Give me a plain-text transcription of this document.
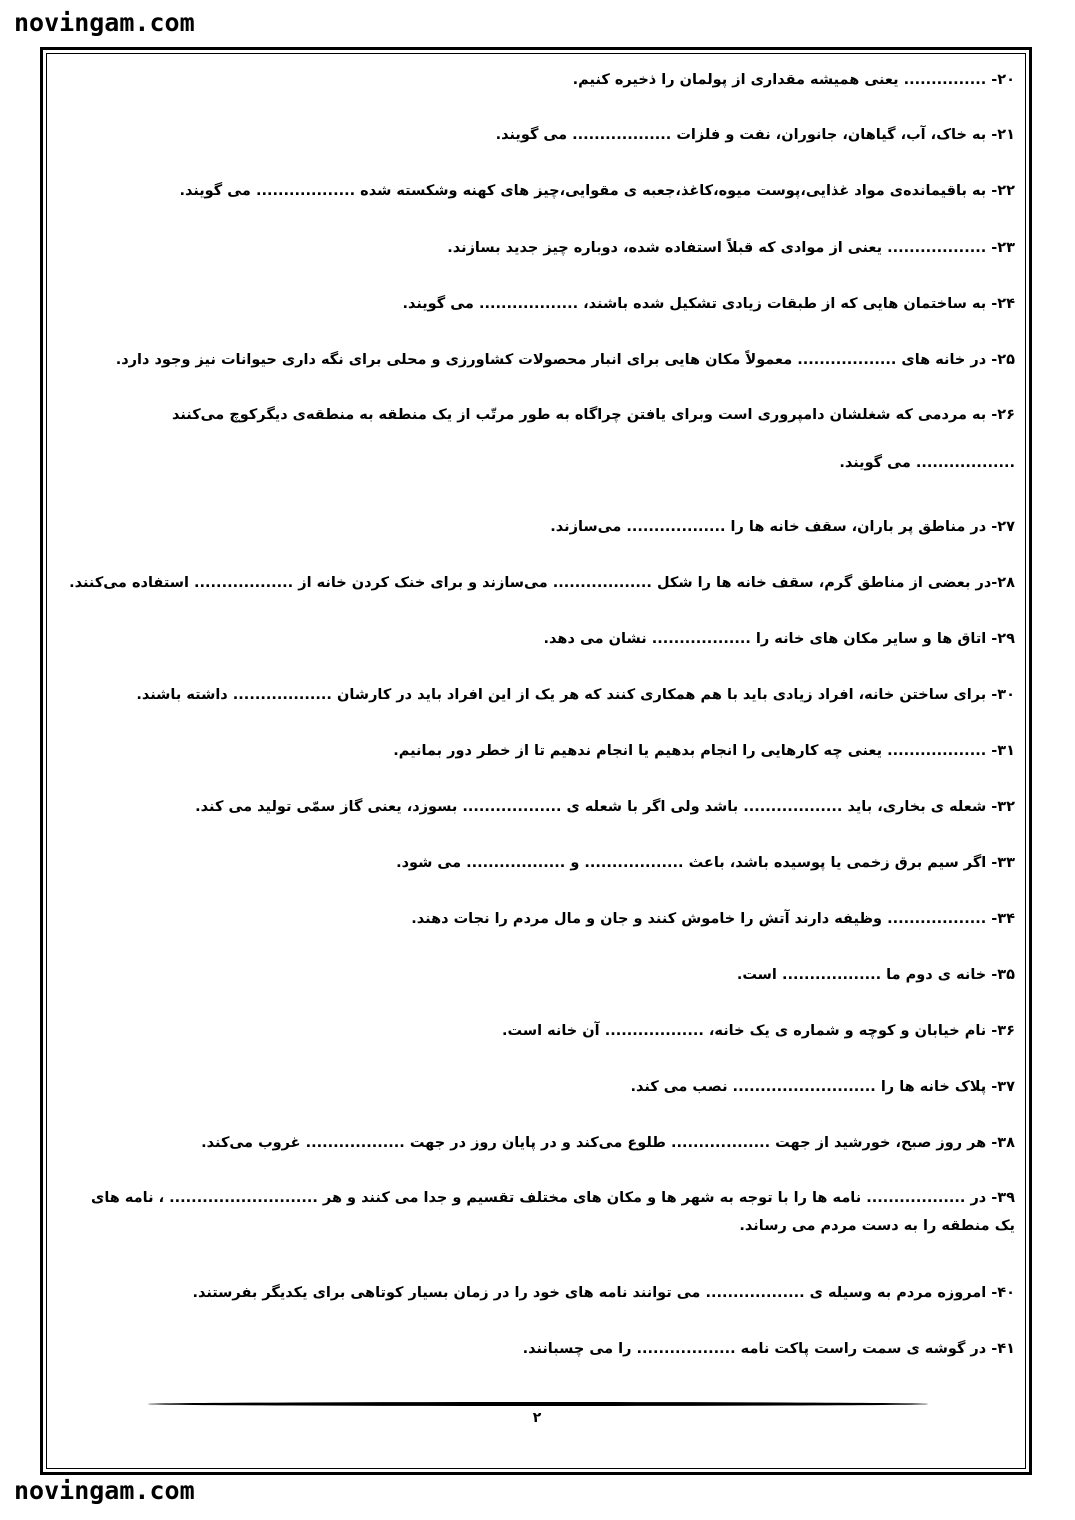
novingam.com
novingam.com
۲۰- ............... یعنی همیشه مقداری از پولمان را ذخیره کنیم.
۲۱- به خاک، آب، گیاهان، جانوران، نفت و فلزات .................. می گویند.
۲۲- به باقیمانده‌ی مواد غذایی،پوست میوه،کاغذ،جعبه ی مقوایی،چیز های کهنه وشکسته شده .................. می گویند.
۲۳- .................. یعنی از موادی که قبلاً استفاده شده، دوباره چیز جدید بسازند.
۲۴- به ساختمان هایی که از طبقات زیادی تشکیل شده باشند، .................. می گویند.
۲۵- در خانه های .................. معمولاً مکان هایی برای انبار محصولات کشاورزی و محلی برای نگه داری حیوانات نیز وجود دارد.
۲۶- به مردمی که شغلشان دامپروری است وبرای یافتن چراگاه به طور مرتّب از یک منطقه به منطقه‌ی دیگرکوچ می‌کنند
.................. می گویند.
۲۷- در مناطق پر باران، سقف خانه ها را .................. می‌سازند.
۲۸-در بعضی از مناطق گرم، سقف خانه ها را شکل .................. می‌سازند و برای خنک کردن خانه از .................. استفاده می‌کنند.
۲۹- اتاق ها و سایر مکان های خانه را .................. نشان می دهد.
۳۰- برای ساختن خانه، افراد زیادی باید با هم همکاری کنند که هر یک از این افراد باید در کارشان .................. داشته باشند.
۳۱- .................. یعنی چه کارهایی را انجام بدهیم یا انجام ندهیم تا از خطر دور بمانیم.
۳۲- شعله ی بخاری، باید .................. باشد ولی اگر با شعله ی .................. بسوزد، یعنی گاز سمّی تولید می کند.
۳۳- اگر سیم برق زخمی یا پوسیده باشد، باعث .................. و .................. می شود.
۳۴- .................. وظیفه دارند آتش را خاموش کنند و جان و مال مردم را نجات دهند.
۳۵- خانه ی دوم ما .................. است.
۳۶- نام خیابان و کوچه و شماره ی یک خانه، .................. آن خانه است.
۳۷- پلاک خانه ها را .......................... نصب می کند.
۳۸- هر روز صبح، خورشید از جهت .................. طلوع می‌کند و در پایان روز در جهت .................. غروب می‌کند.
۳۹- در .................. نامه ها را با توجه به شهر ها و مکان های مختلف تقسیم و جدا می کنند و هر ........................... ، نامه های
یک منطقه را به دست مردم می رساند.
۴۰- امروزه مردم به وسیله ی .................. می توانند نامه های خود را در زمان بسیار کوتاهی برای یکدیگر بفرستند.
۴۱- در گوشه ی سمت راست پاکت نامه .................. را می چسبانند.
۲
